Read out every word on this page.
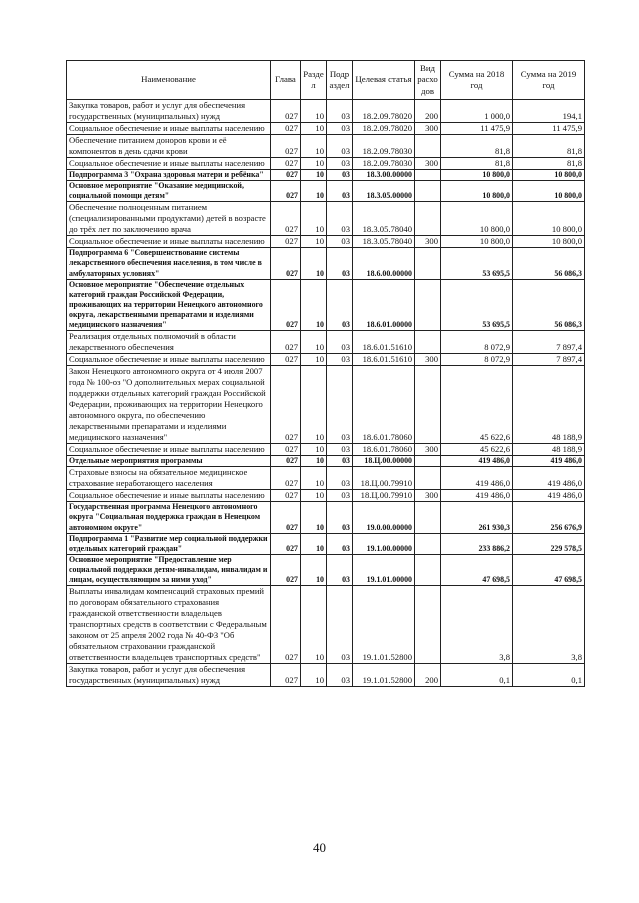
Наименование	Глава	Разде л	Подр аздел	Целевая статья	Вид расхо дов	Сумма на 2018 год	Сумма на 2019 год
Закупка товаров, работ и услуг для обеспечения государственных (муниципальных) нужд	027	10	03	18.2.09.78020	200	1 000,0	194,1
Социальное обеспечение и иные выплаты населению	027	10	03	18.2.09.78020	300	11 475,9	11 475,9
Обеспечение питанием доноров крови и её компонентов в день сдачи крови	027	10	03	18.2.09.78030		81,8	81,8
Социальное обеспечение и иные выплаты населению	027	10	03	18.2.09.78030	300	81,8	81,8
Подпрограмма 3 "Охрана здоровья матери и ребёнка"	027	10	03	18.3.00.00000		10 800,0	10 800,0
Основное мероприятие "Оказание медицинской, социальной помощи детям"	027	10	03	18.3.05.00000		10 800,0	10 800,0
Обеспечение полноценным питанием (специализированными продуктами) детей в возрасте до трёх лет по заключению врача	027	10	03	18.3.05.78040		10 800,0	10 800,0
Социальное обеспечение и иные выплаты населению	027	10	03	18.3.05.78040	300	10 800,0	10 800,0
Подпрограмма 6 "Совершенствование системы лекарственного обеспечения населения, в том числе в амбулаторных условиях"	027	10	03	18.6.00.00000		53 695,5	56 086,3
Основное мероприятие "Обеспечение отдельных категорий граждан Российской Федерации, проживающих на территории Ненецкого автономного округа, лекарственными препаратами и изделиями медицинского назначения"	027	10	03	18.6.01.00000		53 695,5	56 086,3
Реализация отдельных полномочий в области лекарственного обеспечения	027	10	03	18.6.01.51610		8 072,9	7 897,4
Социальное обеспечение и иные выплаты населению	027	10	03	18.6.01.51610	300	8 072,9	7 897,4
Закон Ненецкого автономного округа от 4 июля 2007 года № 100-оз "О дополнительных мерах социальной поддержки отдельных категорий граждан Российской Федерации, проживающих на территории Ненецкого автономного округа, по обеспечению лекарственными препаратами и изделиями медицинского назначения"	027	10	03	18.6.01.78060		45 622,6	48 188,9
Социальное обеспечение и иные выплаты населению	027	10	03	18.6.01.78060	300	45 622,6	48 188,9
Отдельные мероприятия программы	027	10	03	18.Ц.00.00000		419 486,0	419 486,0
Страховые взносы на обязательное медицинское страхование неработающего населения	027	10	03	18.Ц.00.79910		419 486,0	419 486,0
Социальное обеспечение и иные выплаты населению	027	10	03	18.Ц.00.79910	300	419 486,0	419 486,0
Государственная программа Ненецкого автономного округа "Социальная поддержка граждан в Ненецком автономном округе"	027	10	03	19.0.00.00000		261 930,3	256 676,9
Подпрограмма 1 "Развитие мер социальной поддержки отдельных категорий граждан"	027	10	03	19.1.00.00000		233 886,2	229 578,5
Основное мероприятие "Предоставление мер социальной поддержки детям-инвалидам, инвалидам и лицам, осуществляющим за ними уход"	027	10	03	19.1.01.00000		47 698,5	47 698,5
Выплаты инвалидам компенсаций страховых премий по договорам обязательного страхования гражданской ответственности владельцев транспортных средств в соответствии с Федеральным законом от 25 апреля 2002 года № 40-ФЗ "Об обязательном страховании гражданской ответственности владельцев транспортных средств"	027	10	03	19.1.01.52800		3,8	3,8
Закупка товаров, работ и услуг для обеспечения государственных (муниципальных) нужд	027	10	03	19.1.01.52800	200	0,1	0,1
40
